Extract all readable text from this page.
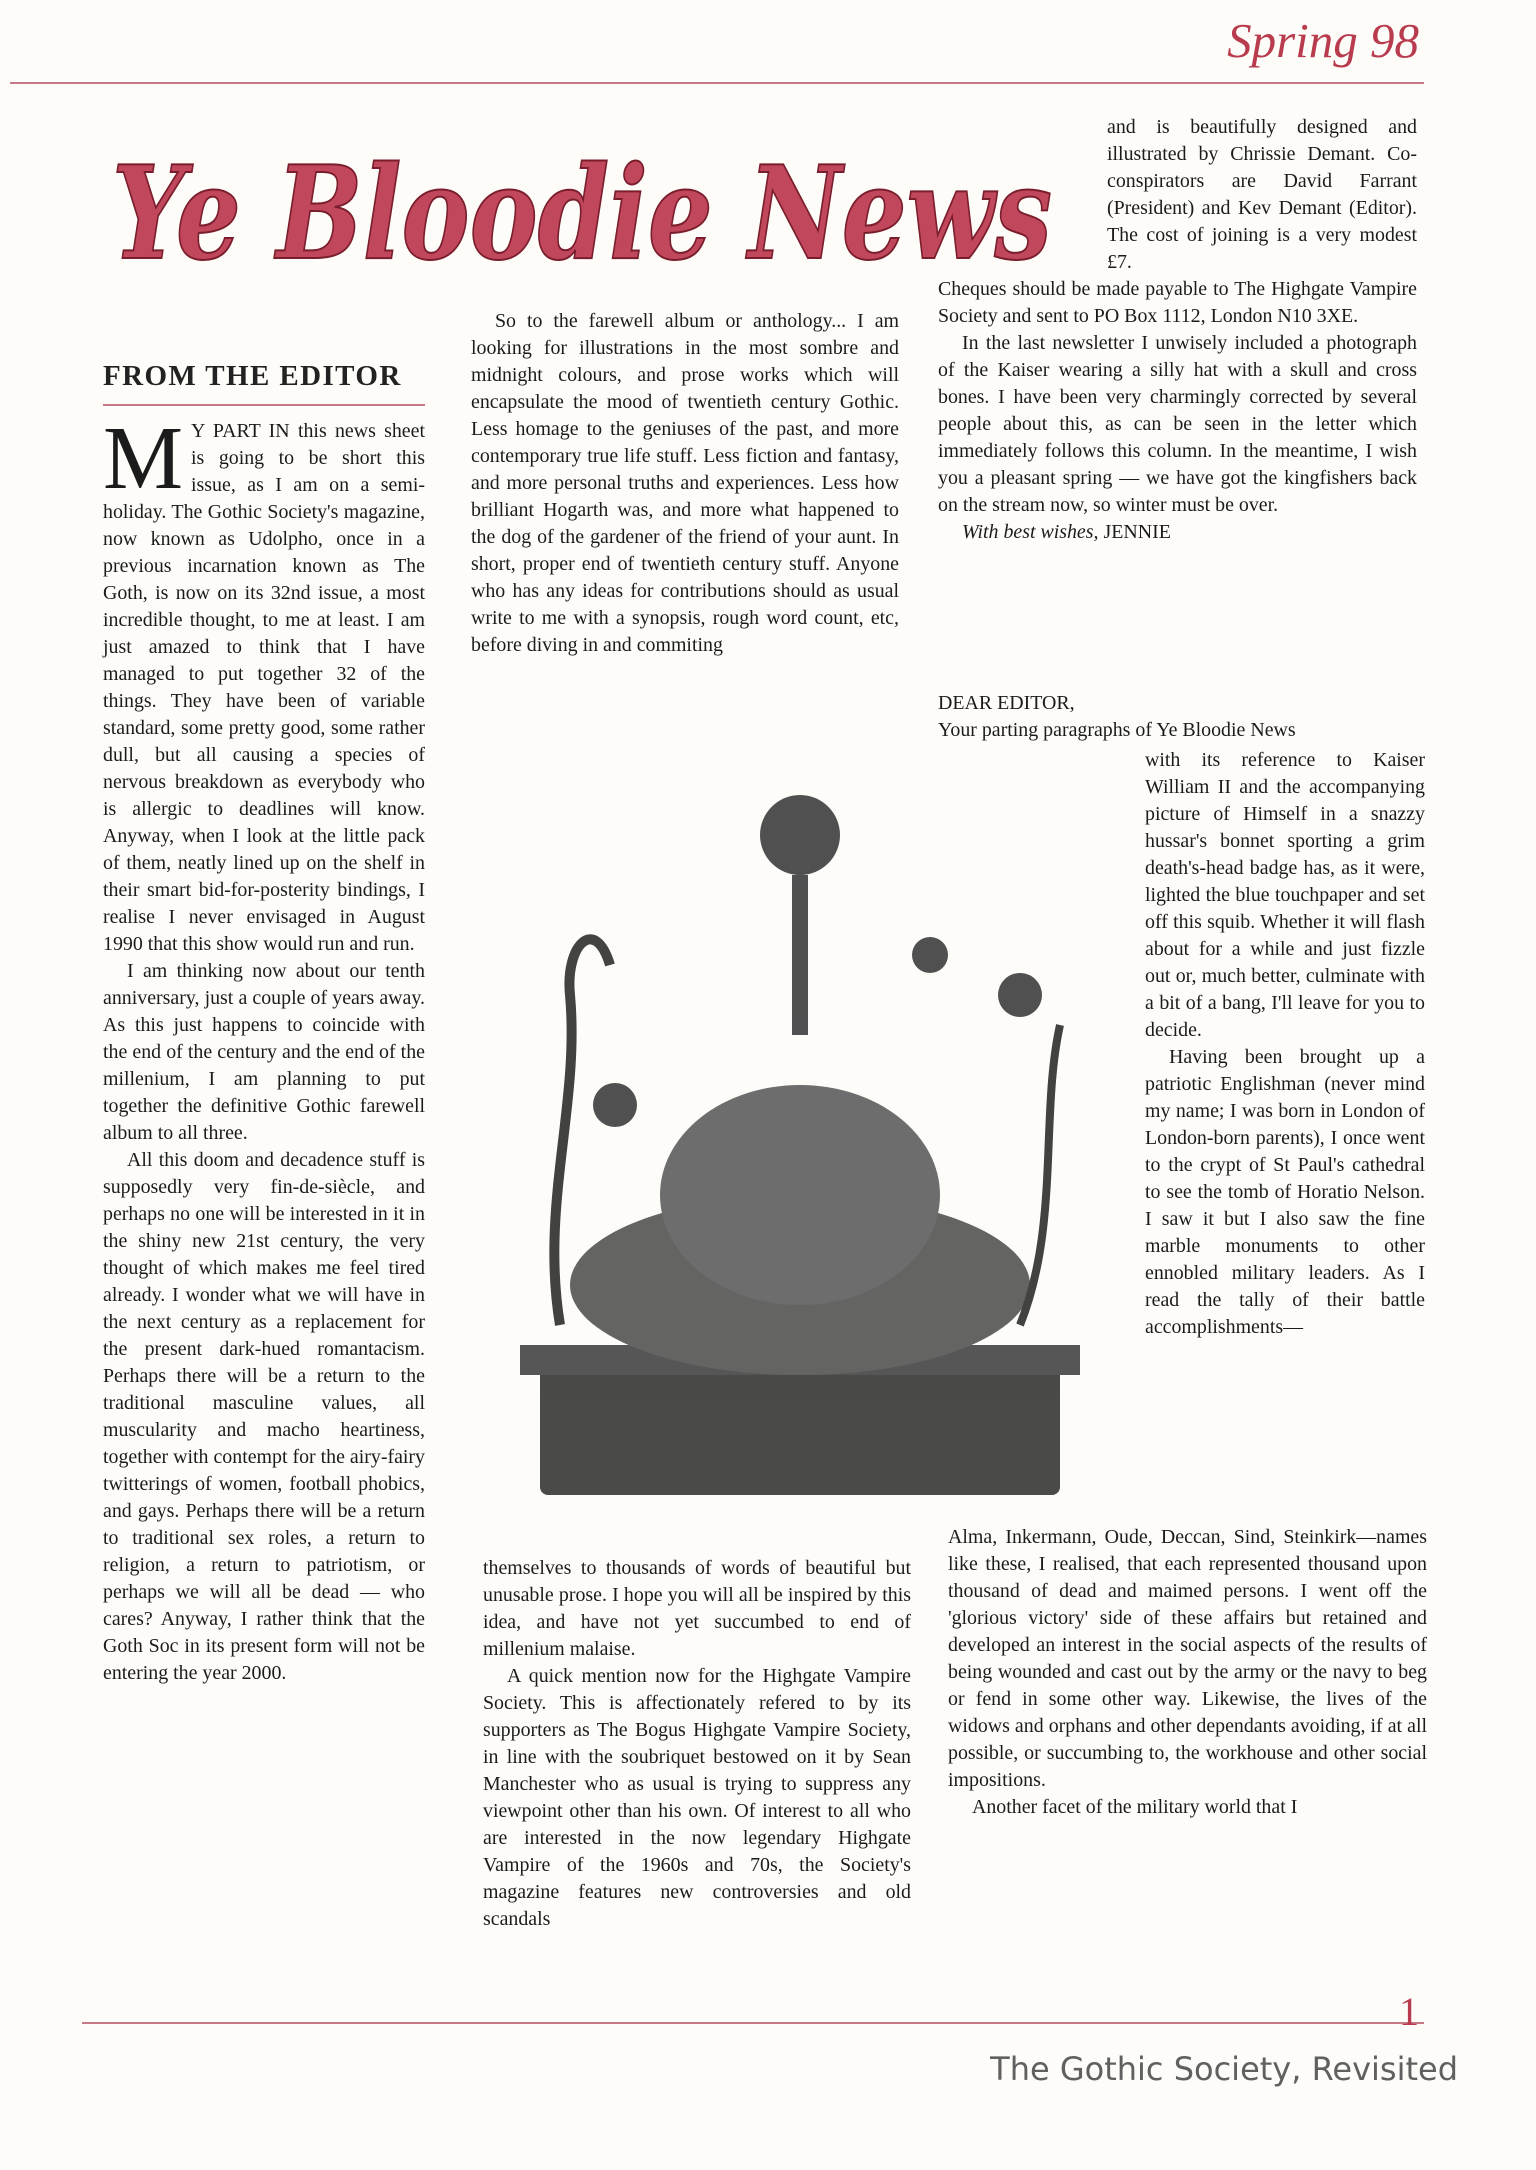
Spring 98
Ye Bloodie News
FROM THE EDITOR

M Y PART IN this news sheet is going to be short this issue, as I am on a semi-holiday. The Gothic Society's magazine, now known as Udolpho, once in a previous incarnation known as The Goth, is now on its 32nd issue, a most incredible thought, to me at least. I am just amazed to think that I have managed to put together 32 of the things. They have been of variable standard, some pretty good, some rather dull, but all causing a species of nervous breakdown as everybody who is allergic to deadlines will know. Anyway, when I look at the little pack of them, neatly lined up on the shelf in their smart bid-for-posterity bindings, I realise I never envisaged in August 1990 that this show would run and run.

I am thinking now about our tenth anniversary, just a couple of years away. As this just happens to coincide with the end of the century and the end of the millenium, I am planning to put together the definitive Gothic farewell album to all three.

All this doom and decadence stuff is supposedly very fin-de-siècle, and perhaps no one will be interested in it in the shiny new 21st century, the very thought of which makes me feel tired already. I wonder what we will have in the next century as a replacement for the present dark-hued romantacism. Perhaps there will be a return to the traditional masculine values, all muscularity and macho heartiness, together with contempt for the airy-fairy twitterings of women, football phobics, and gays. Perhaps there will be a return to traditional sex roles, a return to religion, a return to patriotism, or perhaps we will all be dead — who cares? Anyway, I rather think that the Goth Soc in its present form will not be entering the year 2000.

So to the farewell album or anthology... I am looking for illustrations in the most sombre and midnight colours, and prose works which will encapsulate the mood of twentieth century Gothic. Less homage to the geniuses of the past, and more contemporary true life stuff. Less fiction and fantasy, and more personal truths and experiences. Less how brilliant Hogarth was, and more what happened to the dog of the gardener of the friend of your aunt. In short, proper end of twentieth century stuff. Anyone who has any ideas for contributions should as usual write to me with a synopsis, rough word count, etc, before diving in and commiting

themselves to thousands of words of beautiful but unusable prose. I hope you will all be inspired by this idea, and have not yet succumbed to end of millenium malaise.

A quick mention now for the Highgate Vampire Society. This is affectionately refered to by its supporters as The Bogus Highgate Vampire Society, in line with the soubriquet bestowed on it by Sean Manchester who as usual is trying to suppress any viewpoint other than his own. Of interest to all who are interested in the now legendary Highgate Vampire of the 1960s and 70s, the Society's magazine features new controversies and old scandals

and is beautifully designed and illustrated by Chrissie Demant. Co-conspirators are David Farrant (President) and Kev Demant (Editor). The cost of joining is a very modest £7.

Cheques should be made payable to The Highgate Vampire Society and sent to PO Box 1112, London N10 3XE.

In the last newsletter I unwisely included a photograph of the Kaiser wearing a silly hat with a skull and cross bones. I have been very charmingly corrected by several people about this, as can be seen in the letter which immediately follows this column. In the meantime, I wish you a pleasant spring — we have got the kingfishers back on the stream now, so winter must be over.

With best wishes, JENNIE

DEAR EDITOR,

Your parting paragraphs of Ye Bloodie News

with its reference to Kaiser William II and the accompanying picture of Himself in a snazzy hussar's bonnet sporting a grim death's-head badge has, as it were, lighted the blue touchpaper and set off this squib. Whether it will flash about for a while and just fizzle out or, much better, culminate with a bit of a bang, I'll leave for you to decide.

Having been brought up a patriotic Englishman (never mind my name; I was born in London of London-born parents), I once went to the crypt of St Paul's cathedral to see the tomb of Horatio Nelson. I saw it but I also saw the fine marble monuments to other ennobled military leaders. As I read the tally of their battle accomplishments—

Alma, Inkermann, Oude, Deccan, Sind, Steinkirk—names like these, I realised, that each represented thousand upon thousand of dead and maimed persons. I went off the 'glorious victory' side of these affairs but retained and developed an interest in the social aspects of the results of being wounded and cast out by the army or the navy to beg or fend in some other way. Likewise, the lives of the widows and orphans and other dependants avoiding, if at all possible, or succumbing to, the workhouse and other social impositions.

Another facet of the military world that I

1
The Gothic Society, Revisited
